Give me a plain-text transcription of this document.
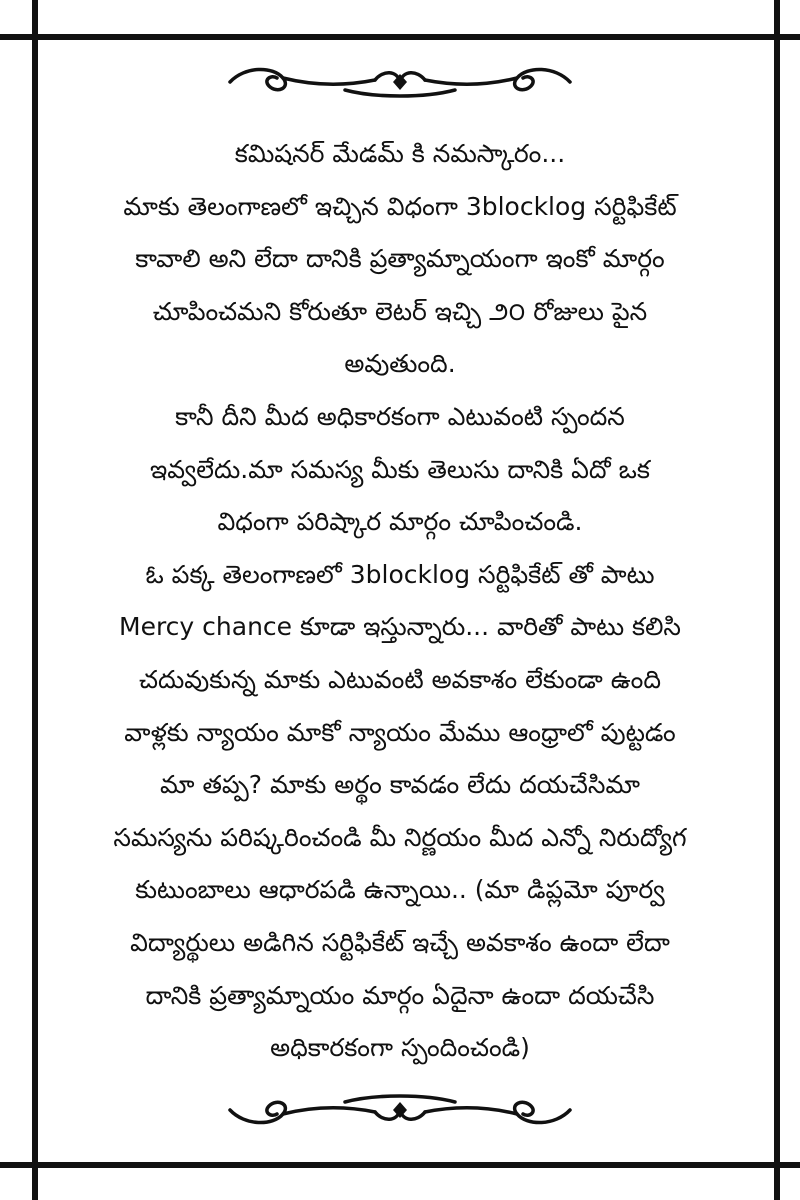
కమిషనర్ మేడమ్ కి నమస్కారం...
మాకు తెలంగాణలో ఇచ్చిన విధంగా 3blocklog సర్టిఫికేట్
కావాలి అని లేదా దానికి ప్రత్యామ్నాయంగా ఇంకో మార్గం
చూపించమని కోరుతూ లెటర్ ఇచ్చి ౨౦ రోజులు పైన
అవుతుంది.
కానీ దీని మీద అధికారకంగా ఎటువంటి స్పందన
ఇవ్వలేదు.మా సమస్య మీకు తెలుసు దానికి ఏదో ఒక
విధంగా పరిష్కార మార్గం చూపించండి.
ఓ పక్క తెలంగాణలో 3blocklog సర్టిఫికేట్ తో పాటు
Mercy chance కూడా ఇస్తున్నారు... వారితో పాటు కలిసి
చదువుకున్న మాకు ఎటువంటి అవకాశం లేకుండా ఉంది
వాళ్లకు న్యాయం మాకో న్యాయం మేము ఆంధ్రాలో పుట్టడం
మా తప్ప? మాకు అర్థం కావడం లేదు దయచేసిమా
సమస్యను పరిష్కరించండి మీ నిర్ణయం మీద ఎన్నో నిరుద్యోగ
కుటుంబాలు ఆధారపడి ఉన్నాయి.. (మా డిప్లమో పూర్వ
విద్యార్థులు అడిగిన సర్టిఫికేట్ ఇచ్చే అవకాశం ఉందా లేదా
దానికి ప్రత్యామ్నాయం మార్గం ఏదైనా ఉందా దయచేసి
అధికారకంగా స్పందించండి)
